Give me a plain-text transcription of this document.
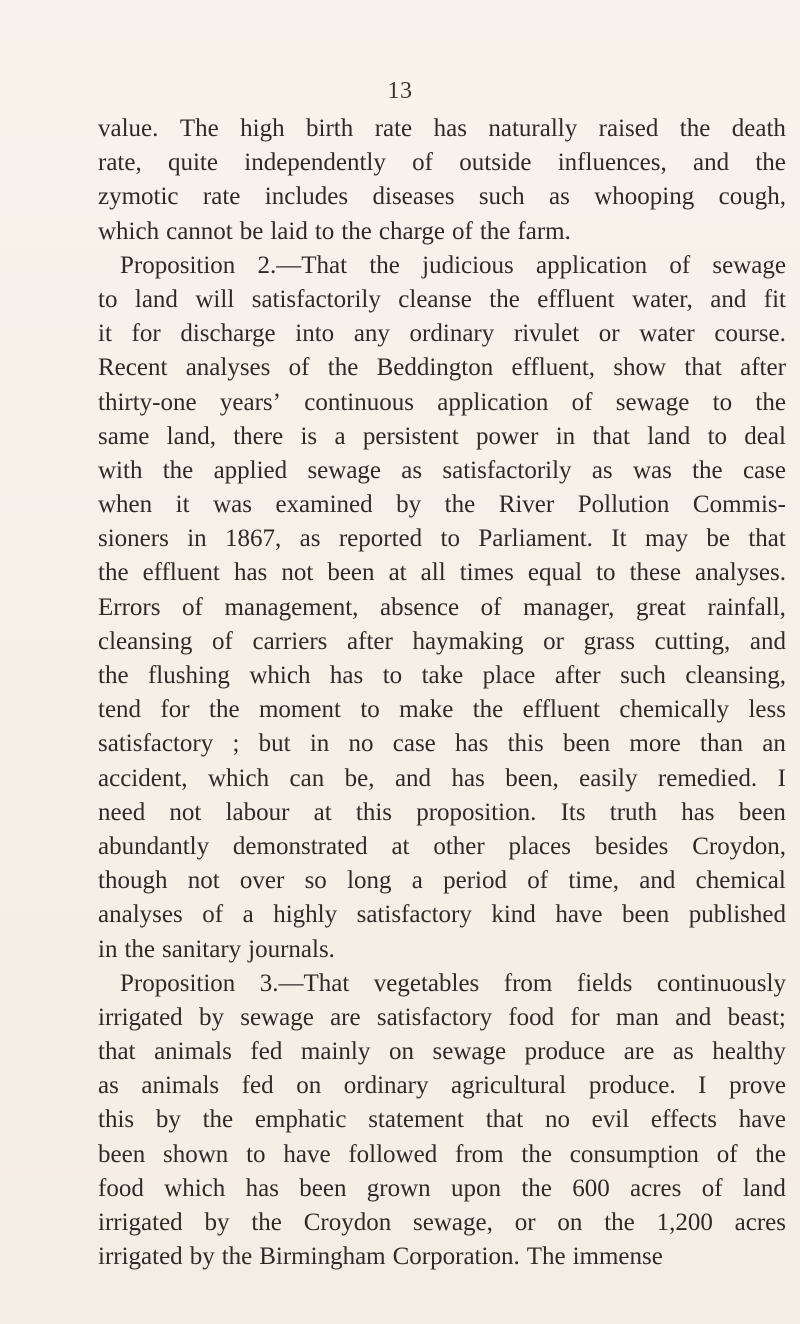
13
value. The high birth rate has naturally raised the death
rate, quite independently of outside influences, and the
zymotic rate includes diseases such as whooping cough,
which cannot be laid to the charge of the farm.
Proposition 2.—That the judicious application of sewage
to land will satisfactorily cleanse the effluent water, and fit
it for discharge into any ordinary rivulet or water course.
Recent analyses of the Beddington effluent, show that after
thirty-one years’ continuous application of sewage to the
same land, there is a persistent power in that land to deal
with the applied sewage as satisfactorily as was the case
when it was examined by the River Pollution Commis-
sioners in 1867, as reported to Parliament. It may be that
the effluent has not been at all times equal to these analyses.
Errors of management, absence of manager, great rainfall,
cleansing of carriers after haymaking or grass cutting, and
the flushing which has to take place after such cleansing,
tend for the moment to make the effluent chemically less
satisfactory ; but in no case has this been more than an
accident, which can be, and has been, easily remedied. I
need not labour at this proposition. Its truth has been
abundantly demonstrated at other places besides Croydon,
though not over so long a period of time, and chemical
analyses of a highly satisfactory kind have been published
in the sanitary journals.
Proposition 3.—That vegetables from fields continuously
irrigated by sewage are satisfactory food for man and beast;
that animals fed mainly on sewage produce are as healthy
as animals fed on ordinary agricultural produce. I prove
this by the emphatic statement that no evil effects have
been shown to have followed from the consumption of the
food which has been grown upon the 600 acres of land
irrigated by the Croydon sewage, or on the 1,200 acres
irrigated by the Birmingham Corporation. The immense
